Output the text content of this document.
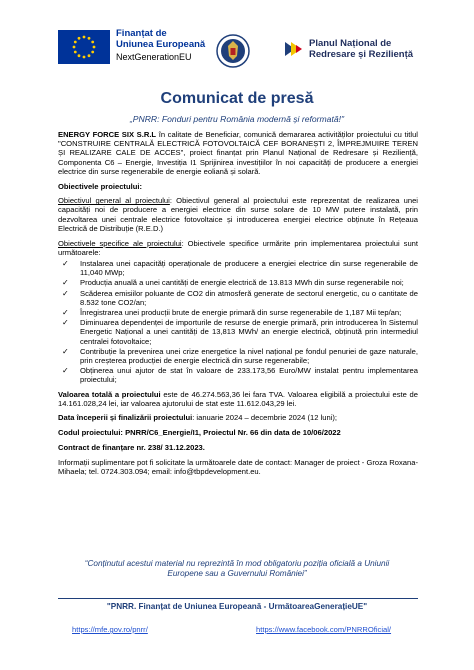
Finanțat de
Uniunea Europeană
NextGenerationEU
Planul Național de
Redresare și Reziliență
Comunicat de presă
„PNRR: Fonduri pentru România modernă și reformată!"

ENERGY FORCE SIX S.R.L în calitate de Beneficiar, comunică demararea activităților proiectului cu titlul "CONSTRUIRE CENTRALĂ ELECTRICĂ FOTOVOLTAICĂ CEF BORANEȘTI 2, ÎMPREJMUIRE TEREN ȘI REALIZARE CALE DE ACCES", proiect finanțat prin Planul Național de Redresare și Reziliență, Componenta C6 – Energie, Investiția I1 Sprijinirea investițiilor în noi capacități de producere a energiei electrice din surse regenerabile de energie eoliană și solară.

Obiectivele proiectului:

Obiectivul general al proiectului: Obiectivul general al proiectului este reprezentat de realizarea unei capacități noi de producere a energiei electrice din surse solare de 10 MW putere instalată, prin dezvoltarea unei centrale electrice fotovoltaice și introducerea energiei electrice obținute în Rețeaua Electrică de Distribuție (R.E.D.)

Obiectivele specifice ale proiectului: Obiectivele specifice urmărite prin implementarea proiectului sunt următoarele:

✓ Instalarea unei capacități operaționale de producere a energiei electrice din surse regenerabile de 11,040 MWp;
✓ Producția anuală a unei cantități de energie electrică de 13.813 MWh din surse regenerabile noi;
✓ Scăderea emisiilor poluante de CO2 din atmosferă generate de sectorul energetic, cu o cantitate de 8.532 tone CO2/an;
✓ Înregistrarea unei producții brute de energie primară din surse regenerabile de 1,187 Mii tep/an;
✓ Diminuarea dependenței de importurile de resurse de energie primară, prin introducerea în Sistemul Energetic Național a unei cantități de 13,813 MWh/ an energie electrică, obținută prin intermediul centralei fotovoltaice;
✓ Contribuție la prevenirea unei crize energetice la nivel național pe fondul penuriei de gaze naturale, prin creșterea producției de energie electrică din surse regenerabile;
✓ Obținerea unui ajutor de stat în valoare de 233.173,56 Euro/MW instalat pentru implementarea proiectului;

Valoarea totală a proiectului este de 46.274.563,36 lei fara TVA. Valoarea eligibilă a proiectului este de 14.161.028,24 lei, iar valoarea ajutorului de stat este 11.612.043,29 lei.

Data începerii și finalizării proiectului: ianuarie 2024 – decembrie 2024 (12 luni);

Codul proiectului: PNRR/C6_Energie/I1, Proiectul Nr. 66 din data de 10/06/2022

Contract de finanțare nr. 238/ 31.12.2023.

Informații suplimentare pot fi solicitate la următoarele date de contact: Manager de proiect - Groza Roxana-Mihaela; tel. 0724.303.094; email: info@tbpdevelopment.eu.

“Conținutul acestui material nu reprezintă în mod obligatoriu poziția oficială a Uniunii Europene sau a Guvernului României”
"PNRR. Finanțat de Uniunea Europeană - UrmătoareaGenerațieUE"
https://mfe.gov.ro/pnrr/	https://www.facebook.com/PNRROficial/
